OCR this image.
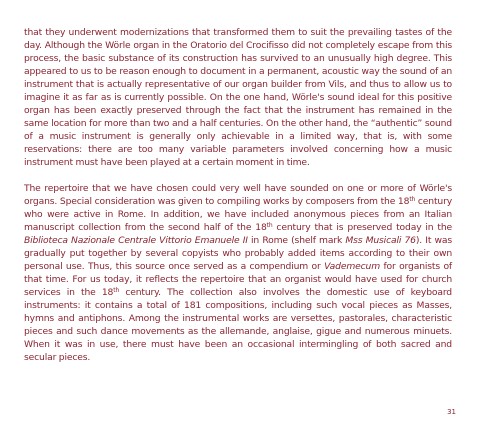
that they underwent modernizations that transformed them to suit the prevailing tastes of the day. Although the Wörle organ in the Oratorio del Crocifisso did not completely escape from this process, the basic substance of its construction has survived to an unusually high degree. This appeared to us to be reason enough to document in a permanent, acoustic way the sound of an instrument that is actually representative of our organ builder from Vils, and thus to allow us to imagine it as far as is currently possible. On the one hand, Wörle's sound ideal for this positive organ has been exactly preserved through the fact that the instrument has remained in the same location for more than two and a half centuries. On the other hand, the “authentic” sound of a music instrument is generally only achievable in a limited way, that is, with some reservations: there are too many variable parameters involved concerning how a music instrument must have been played at a certain moment in time.

The repertoire that we have chosen could very well have sounded on one or more of Wörle's organs. Special consideration was given to compiling works by composers from the 18th century who were active in Rome. In addition, we have included anonymous pieces from an Italian manuscript collection from the second half of the 18th century that is preserved today in the Biblioteca Nazionale Centrale Vittorio Emanuele II in Rome (shelf mark Mss Musicali 76). It was gradually put together by several copyists who probably added items according to their own personal use. Thus, this source once served as a compendium or Vademecum for organists of that time. For us today, it reflects the repertoire that an organist would have used for church services in the 18th century. The collection also involves the domestic use of keyboard instruments: it contains a total of 181 compositions, including such vocal pieces as Masses, hymns and antiphons. Among the instrumental works are versettes, pastorales, characteristic pieces and such dance movements as the allemande, anglaise, gigue and numerous minuets. When it was in use, there must have been an occasional intermingling of both sacred and secular pieces.

31
